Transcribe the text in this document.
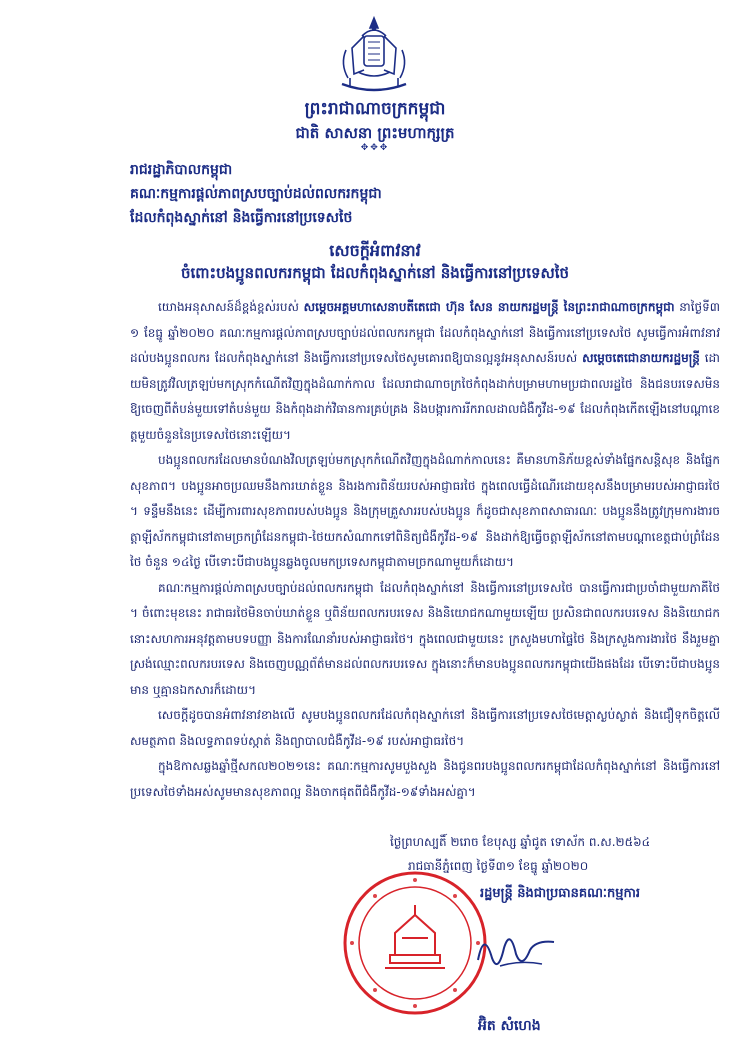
ព្រះរាជាណាចក្រកម្ពុជា
ជាតិ សាសនា ព្រះមហាក្សត្រ
✥✥✥
រាជរដ្ឋាភិបាលកម្ពុជា
គណៈកម្មការផ្ដល់ភាពស្របច្បាប់ដល់ពលករកម្ពុជា
ដែលកំពុងស្នាក់នៅ និងធ្វើការនៅប្រទេសថៃ
សេចក្ដីអំពាវនាវ
ចំពោះបងប្អូនពលករកម្ពុជា ដែលកំពុងស្នាក់នៅ និងធ្វើការនៅប្រទេសថៃ

យោងអនុសាសន៍ដ៏ខ្ពង់ខ្ពស់របស់ សម្ដេចអគ្គមហាសេនាបតីតេជោ ហ៊ុន សែន នាយករដ្ឋមន្ត្រី នៃព្រះរាជាណាចក្រកម្ពុជា នាថ្ងៃទី៣១ ខែធ្នូ ឆ្នាំ២០២០ គណៈកម្មការផ្ដល់ភាពស្របច្បាប់ដល់ពលករកម្ពុជា ដែលកំពុងស្នាក់នៅ និងធ្វើការនៅប្រទេសថៃ សូមធ្វើការអំពាវនាវដល់បងប្អូនពលករ ដែលកំពុងស្នាក់នៅ និងធ្វើការនៅប្រទេសថៃសូមគោរពឱ្យបានល្អនូវអនុសាសន៍របស់ សម្ដេចតេជោនាយករដ្ឋមន្ត្រី ដោយមិនត្រូវវិលត្រឡប់មកស្រុកកំណើតវិញក្នុងដំណាក់កាល ដែលរាជាណាចក្រថៃកំពុងដាក់បម្រាមហាមប្រជាពលរដ្ឋថៃ និងជនបរទេសមិនឱ្យចេញពីតំបន់មួយទៅតំបន់មួយ និងកំពុងដាក់វិធានការគ្រប់គ្រង និងបង្ការការរីករាលដាលជំងឺកូវីដ-១៩ ដែលកំពុងកើតឡើងនៅបណ្ដាខេត្តមួយចំនួននៃប្រទេសថៃនោះឡើយ។

បងប្អូនពលករដែលមានបំណងវិលត្រឡប់មកស្រុកកំណើតវិញក្នុងដំណាក់កាលនេះ គឺមានហានិភ័យខ្ពស់ទាំងផ្នែកសន្ដិសុខ និងផ្នែកសុខភាព។ បងប្អូនអាចប្រឈមនឹងការឃាត់ខ្លួន និងរងការពិន័យរបស់អាជ្ញាធរថៃ ក្នុងពេលធ្វើដំណើរដោយខុសនឹងបម្រាមរបស់អាជ្ញាធរថៃ។ ទន្ទឹមនឹងនេះ ដើម្បីការពារសុខភាពរបស់បងប្អូន និងក្រុមគ្រួសាររបស់បងប្អូន ក៏ដូចជាសុខភាពសាធារណៈ បងប្អូននឹងត្រូវក្រុមការងារចត្ដាឡីស័កកម្ពុជានៅតាមច្រកព្រំដែនកម្ពុជា-ថៃយកសំណាកទៅពិនិត្យជំងឺកូវីដ-១៩ និងដាក់ឱ្យធ្វើចត្ដាឡីស័កនៅតាមបណ្ដាខេត្តជាប់ព្រំដែនថៃ ចំនួន ១៤ថ្ងៃ បើទោះបីជាបងប្អូនឆ្លងចូលមកប្រទេសកម្ពុជាតាមច្រកណាមួយក៏ដោយ។

គណៈកម្មការផ្ដល់ភាពស្របច្បាប់ដល់ពលករកម្ពុជា ដែលកំពុងស្នាក់នៅ និងធ្វើការនៅប្រទេសថៃ បានធ្វើការជាប្រចាំជាមួយភាគីថៃ។ ចំពោះមុខនេះ រាជាធរថៃមិនចាប់ឃាត់ខ្លួន ឬពិន័យពលករបរទេស និងនិយោជកណាមួយឡើយ ប្រសិនជាពលករបរទេស និងនិយោជកនោះសហការអនុវត្តតាមបទបញ្ញា និងការណែនាំរបស់អាជ្ញាធរថៃ។ ក្នុងពេលជាមួយនេះ ក្រសួងមហាផ្ទៃថៃ និងក្រសួងការងារថៃ នឹងរួមគ្នាស្រង់ឈ្មោះពលករបរទេស និងចេញបណ្ណព័ត៌មានដល់ពលករបរទេស ក្នុងនោះក៏មានបងប្អូនពលករកម្ពុជាយើងផងដែរ បើទោះបីជាបងប្អូនមាន ឬគ្មានឯកសារក៏ដោយ។

សេចក្ដីដូចបានអំពាវនាវខាងលើ សូមបងប្អូនពលករដែលកំពុងស្នាក់នៅ និងធ្វើការនៅប្រទេសថៃមេត្តាស្ងប់ស្ងាត់ និងជឿទុកចិត្តលើសមត្ថភាព និងលទ្ធភាពទប់ស្កាត់ និងព្យាបាលជំងឺកូវីដ-១៩ របស់អាជ្ញាធរថៃ។

ក្នុងឱកាសឆ្លងឆ្នាំថ្មីសកល២០២១នេះ គណៈកម្មការសូមបួងសួង និងជូនពរបងប្អូនពលករកម្ពុជាដែលកំពុងស្នាក់នៅ និងធ្វើការនៅប្រទេសថៃទាំងអស់សូមមានសុខភាពល្អ និងចាកផុតពីជំងឺកូវីដ-១៩ទាំងអស់គ្នា។

ថ្ងៃព្រហស្បតិ៍ ២រោច ខែបុស្ស ឆ្នាំជូត ទោស័ក ព.ស.២៥៦៤
រាជធានីភ្នំពេញ ថ្ងៃទី៣១ ខែធ្នូ ឆ្នាំ២០២០
រដ្ឋមន្ត្រី និងជាប្រធានគណៈកម្មការ
អ៊ិត សំហេង
